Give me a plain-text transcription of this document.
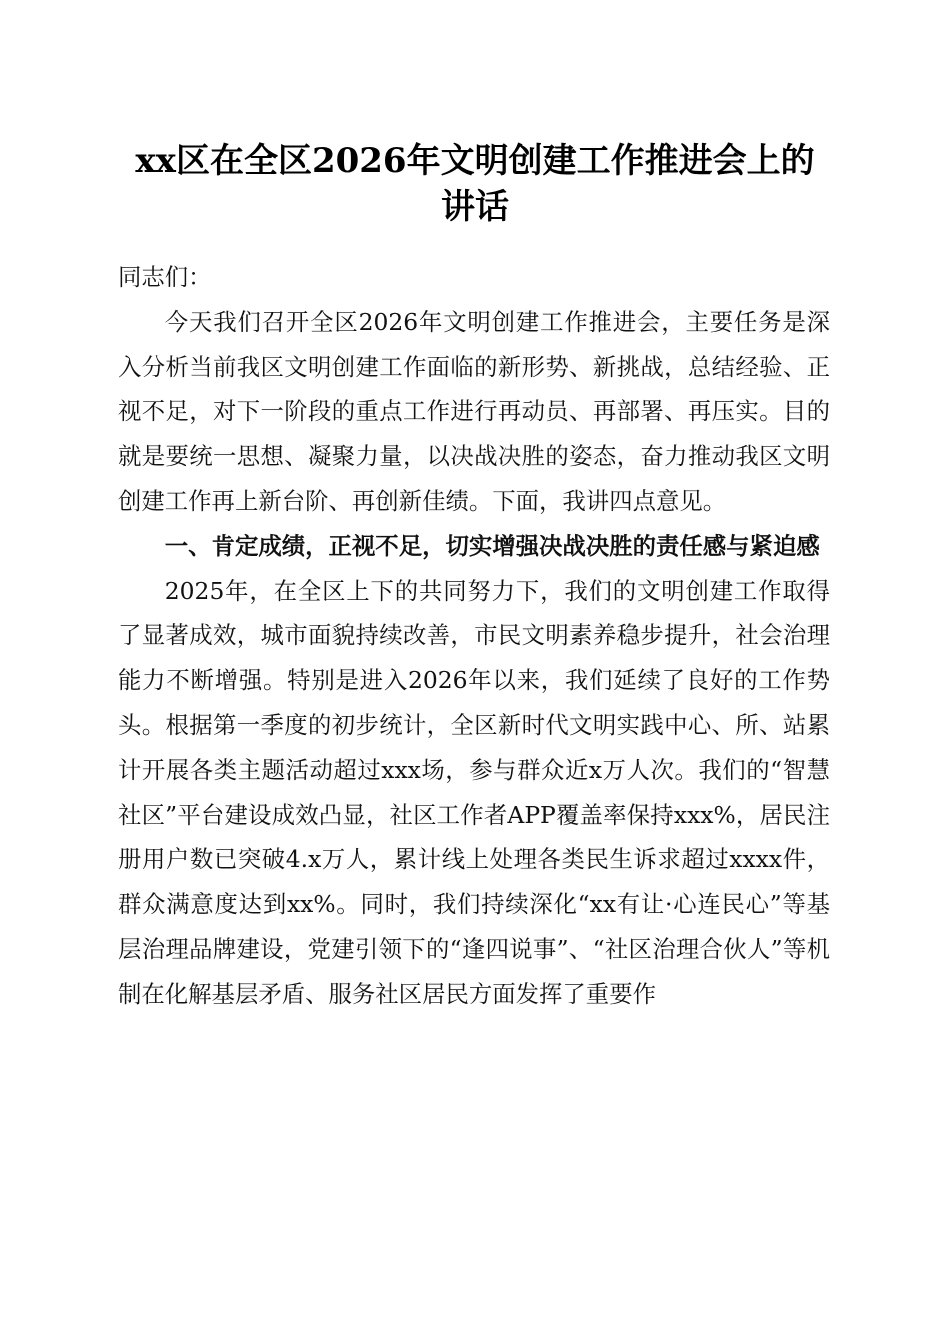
xx区在全区2026年文明创建工作推进会上的
讲话

同志们：

今天我们召开全区2026年文明创建工作推进会，主要任务是深入分析当前我区文明创建工作面临的新形势、新挑战，总结经验、正视不足，对下一阶段的重点工作进行再动员、再部署、再压实。目的就是要统一思想、凝聚力量，以决战决胜的姿态，奋力推动我区文明创建工作再上新台阶、再创新佳绩。下面，我讲四点意见。

一、肯定成绩，正视不足，切实增强决战决胜的责任感与紧迫感

2025年，在全区上下的共同努力下，我们的文明创建工作取得了显著成效，城市面貌持续改善，市民文明素养稳步提升，社会治理能力不断增强。特别是进入2026年以来，我们延续了良好的工作势头。根据第一季度的初步统计，全区新时代文明实践中心、所、站累计开展各类主题活动超过xxx场，参与群众近x万人次。我们的“智慧社区”平台建设成效凸显，社区工作者APP覆盖率保持xxx%，居民注册用户数已突破4.x万人，累计线上处理各类民生诉求超过xxxx件，群众满意度达到xx%。同时，我们持续深化“xx有让·心连民心”等基层治理品牌建设，党建引领下的“逢四说事”、“社区治理合伙人”等机制在化解基层矛盾、服务社区居民方面发挥了重要作
